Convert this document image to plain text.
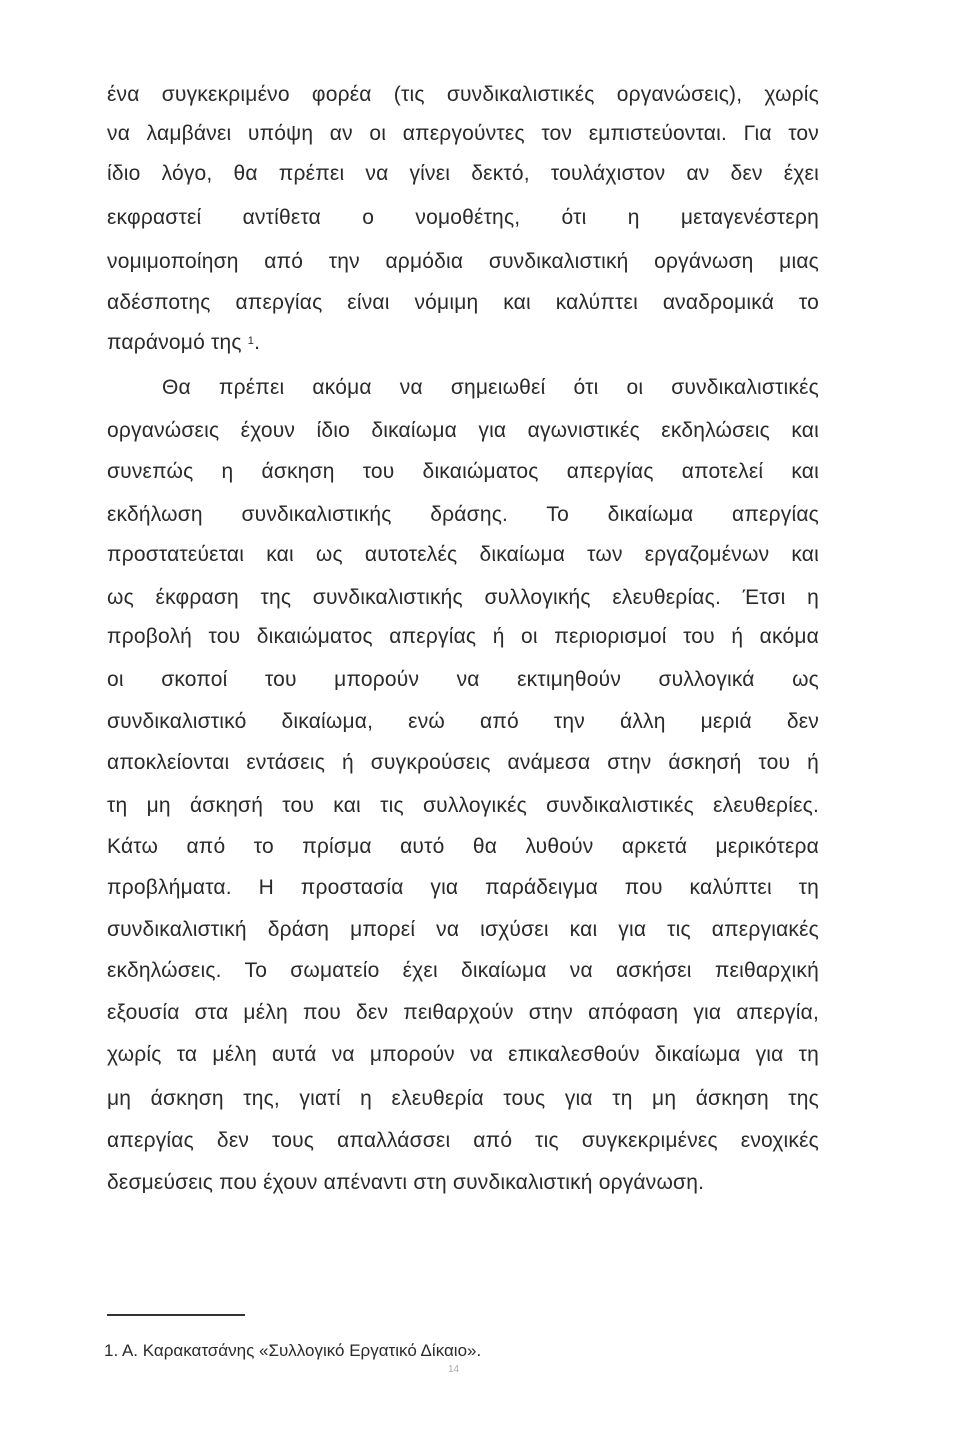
ένα συγκεκριμένο φορέα (τις συνδικαλιστικές οργανώσεις), χωρίς
να λαμβάνει υπόψη αν οι απεργούντες τον εμπιστεύονται. Για τον
ίδιο λόγο, θα πρέπει να γίνει δεκτό, τουλάχιστον αν δεν έχει
εκφραστεί αντίθετα ο νομοθέτης, ότι η μεταγενέστερη
νομιμοποίηση από την αρμόδια συνδικαλιστική οργάνωση μιας
αδέσποτης απεργίας είναι νόμιμη και καλύπτει αναδρομικά το
παράνομό της $^1$.
Θα πρέπει ακόμα να σημειωθεί ότι οι συνδικαλιστικές
οργανώσεις έχουν ίδιο δικαίωμα για αγωνιστικές εκδηλώσεις και
συνεπώς η άσκηση του δικαιώματος απεργίας αποτελεί και
εκδήλωση συνδικαλιστικής δράσης. Το δικαίωμα απεργίας
προστατεύεται και ως αυτοτελές δικαίωμα των εργαζομένων και
ως έκφραση της συνδικαλιστικής συλλογικής ελευθερίας. Έτσι η
προβολή του δικαιώματος απεργίας ή οι περιορισμοί του ή ακόμα
οι σκοποί του μπορούν να εκτιμηθούν συλλογικά ως
συνδικαλιστικό δικαίωμα, ενώ από την άλλη μεριά δεν
αποκλείονται εντάσεις ή συγκρούσεις ανάμεσα στην άσκησή του ή
τη μη άσκησή του και τις συλλογικές συνδικαλιστικές ελευθερίες.
Κάτω από το πρίσμα αυτό θα λυθούν αρκετά μερικότερα
προβλήματα. Η προστασία για παράδειγμα που καλύπτει τη
συνδικαλιστική δράση μπορεί να ισχύσει και για τις απεργιακές
εκδηλώσεις. Το σωματείο έχει δικαίωμα να ασκήσει πειθαρχική
εξουσία στα μέλη που δεν πειθαρχούν στην απόφαση για απεργία,
χωρίς τα μέλη αυτά να μπορούν να επικαλεσθούν δικαίωμα για τη
μη άσκηση της, γιατί η ελευθερία τους για τη μη άσκηση της
απεργίας δεν τους απαλλάσσει από τις συγκεκριμένες ενοχικές
δεσμεύσεις που έχουν απέναντι στη συνδικαλιστική οργάνωση.
1. Α. Καρακατσάνης «Συλλογικό Εργατικό Δίκαιο».
14
